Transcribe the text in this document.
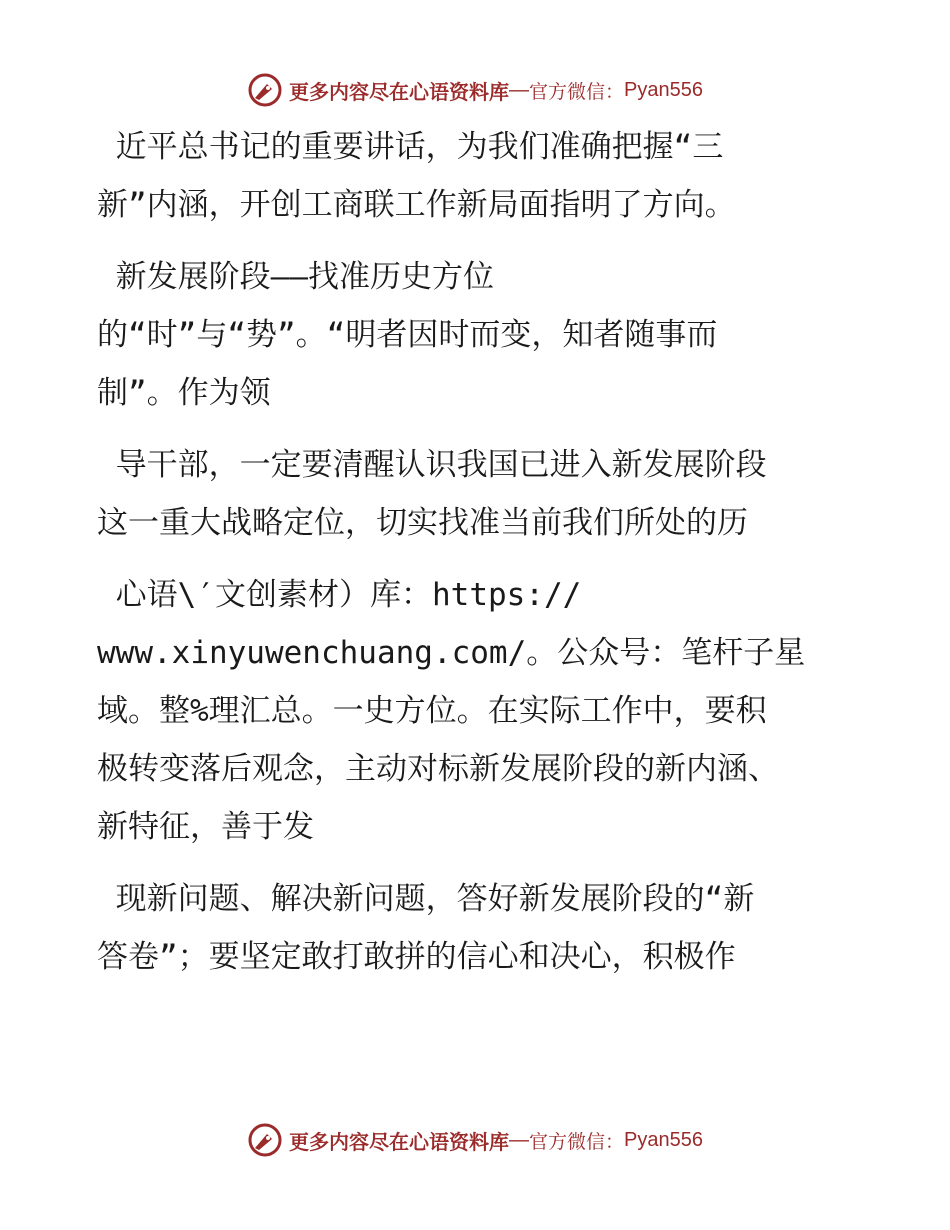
更多内容尽在心语资料库 — 官方微信： Pyan556
近平总书记的重要讲话，为我们准确把握“三
新”内涵，开创工商联工作新局面指明了方向。
新发展阶段——找准历史方位
的“时”与“势”。“明者因时而变，知者随事而
制”。作为领
导干部，一定要清醒认识我国已进入新发展阶段
这一重大战略定位，切实找准当前我们所处的历
心语\′文创素材）库：https://
www.xinyuwenchuang.com/。公众号：笔杆子星
域。整%理汇总。一史方位。在实际工作中，要积
极转变落后观念，主动对标新发展阶段的新内涵、
新特征，善于发
现新问题、解决新问题，答好新发展阶段的“新
答卷”；要坚定敢打敢拼的信心和决心，积极作
更多内容尽在心语资料库 — 官方微信： Pyan556
